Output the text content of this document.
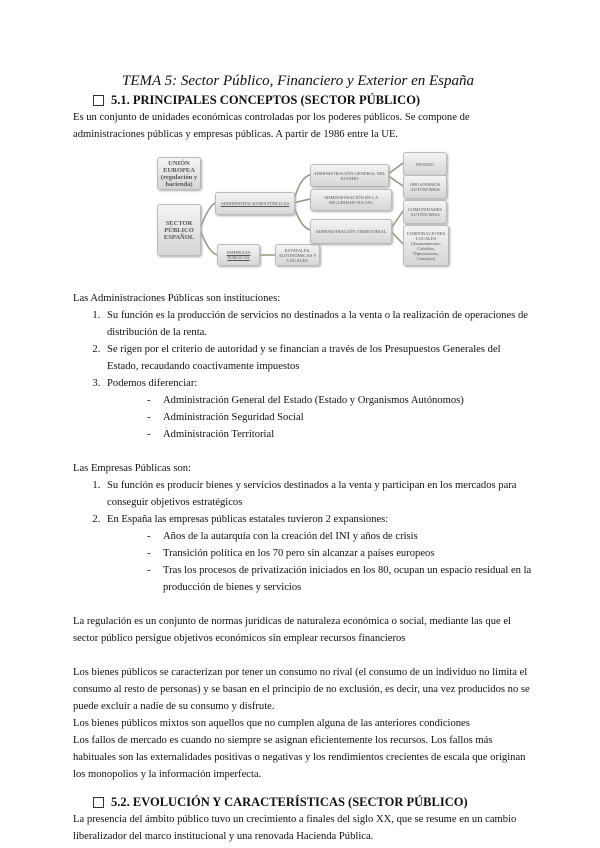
TEMA 5: Sector Público, Financiero y Exterior en España
5.1. PRINCIPALES CONCEPTOS (SECTOR PÚBLICO)

Es un conjunto de unidades económicas controladas por los poderes públicos. Se compone de administraciones públicas y empresas públicas. A partir de 1986 entre la UE.

UNIÓN EUROPEA (regulación y hacienda)
SECTOR PÚBLICO ESPAÑOL
ADMINISTRACIONES PÚBLICAS
EMPRESAS PÚBLICAS
ESTATALES, AUTONÓMICAS Y LOCALES
ADMINISTRACIÓN GENERAL DEL ESTADO
ADMINISTRACIÓN DE LA SEGURIDAD SOCIAL
ADMINISTRACIÓN TERRITORIAL
ESTADO
ORGANISMOS AUTÓNOMOS
COMUNIDADES AUTÓNOMAS
CORPORACIONES LOCALES (Ayuntamientos, Cabildos, Diputaciones, Consejos)

Las Administraciones Públicas son instituciones:

1. Su función es la producción de servicios no destinados a la venta o la realización de operaciones de distribución de la renta.
2. Se rigen por el criterio de autoridad y se financian a través de los Presupuestos Generales del Estado, recaudando coactivamente impuestos
3. Podemos diferenciar:
- Administración General del Estado (Estado y Organismos Autónomos)
- Administración Seguridad Social
- Administración Territorial

Las Empresas Públicas son:

1. Su función es producir bienes y servicios destinados a la venta y participan en los mercados para conseguir objetivos estratégicos
2. En España las empresas públicas estatales tuvieron 2 expansiones:
- Años de la autarquía con la creación del INI y años de crisis
- Transición política en los 70 pero sin alcanzar a países europeos
- Tras los procesos de privatización iniciados en los 80, ocupan un espacio residual en la producción de bienes y servicios

La regulación es un conjunto de normas jurídicas de naturaleza económica o social, mediante las que el sector público persigue objetivos económicos sin emplear recursos financieros

Los bienes públicos se caracterizan por tener un consumo no rival (el consumo de un individuo no limita el consumo al resto de personas) y se basan en el principio de no exclusión, es decir, una vez producidos no se puede excluir a nadie de su consumo y disfrute.

Los bienes públicos mixtos son aquellos que no cumplen alguna de las anteriores condiciones

Los fallos de mercado es cuando no siempre se asignan eficientemente los recursos. Los fallos más habituales son las externalidades positivas o negativas y los rendimientos crecientes de escala que originan los monopolios y la información imperfecta.

5.2. EVOLUCIÓN Y CARACTERÍSTICAS (SECTOR PÚBLICO)

La presencia del ámbito público tuvo un crecimiento a finales del siglo XX, que se resume en un cambio liberalizador del marco institucional y una renovada Hacienda Pública.
